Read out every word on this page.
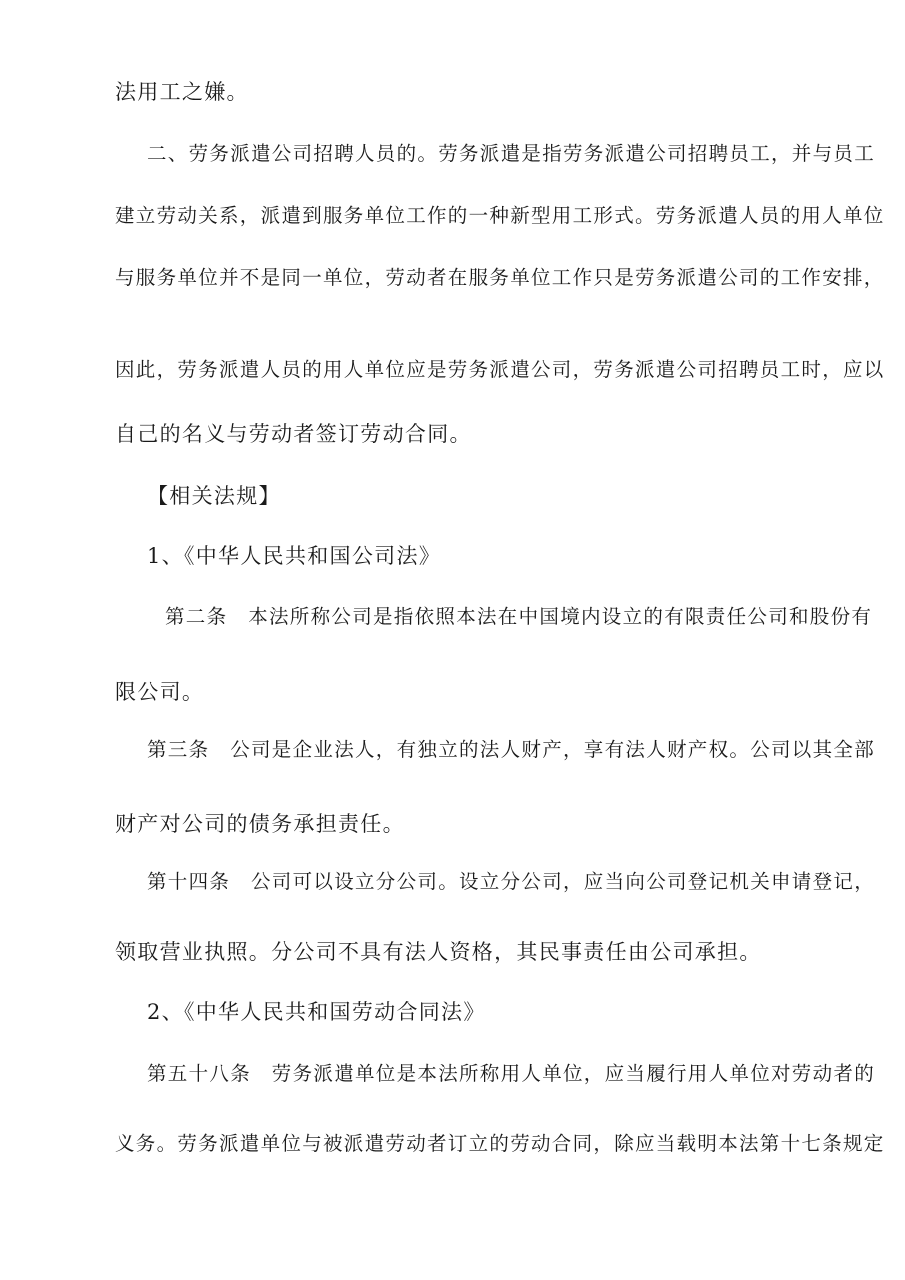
法用工之嫌。
二、劳务派遣公司招聘人员的。劳务派遣是指劳务派遣公司招聘员工，并与员工
建立劳动关系，派遣到服务单位工作的一种新型用工形式。劳务派遣人员的用人单位
与服务单位并不是同一单位，劳动者在服务单位工作只是劳务派遣公司的工作安排，
因此，劳务派遣人员的用人单位应是劳务派遣公司，劳务派遣公司招聘员工时，应以
自己的名义与劳动者签订劳动合同。
【相关法规】
1、《中华人民共和国公司法》
第二条　本法所称公司是指依照本法在中国境内设立的有限责任公司和股份有
限公司。
第三条　公司是企业法人，有独立的法人财产，享有法人财产权。公司以其全部
财产对公司的债务承担责任。
第十四条　公司可以设立分公司。设立分公司，应当向公司登记机关申请登记，
领取营业执照。分公司不具有法人资格，其民事责任由公司承担。
2、《中华人民共和国劳动合同法》
第五十八条　劳务派遣单位是本法所称用人单位，应当履行用人单位对劳动者的
义务。劳务派遣单位与被派遣劳动者订立的劳动合同，除应当载明本法第十七条规定
